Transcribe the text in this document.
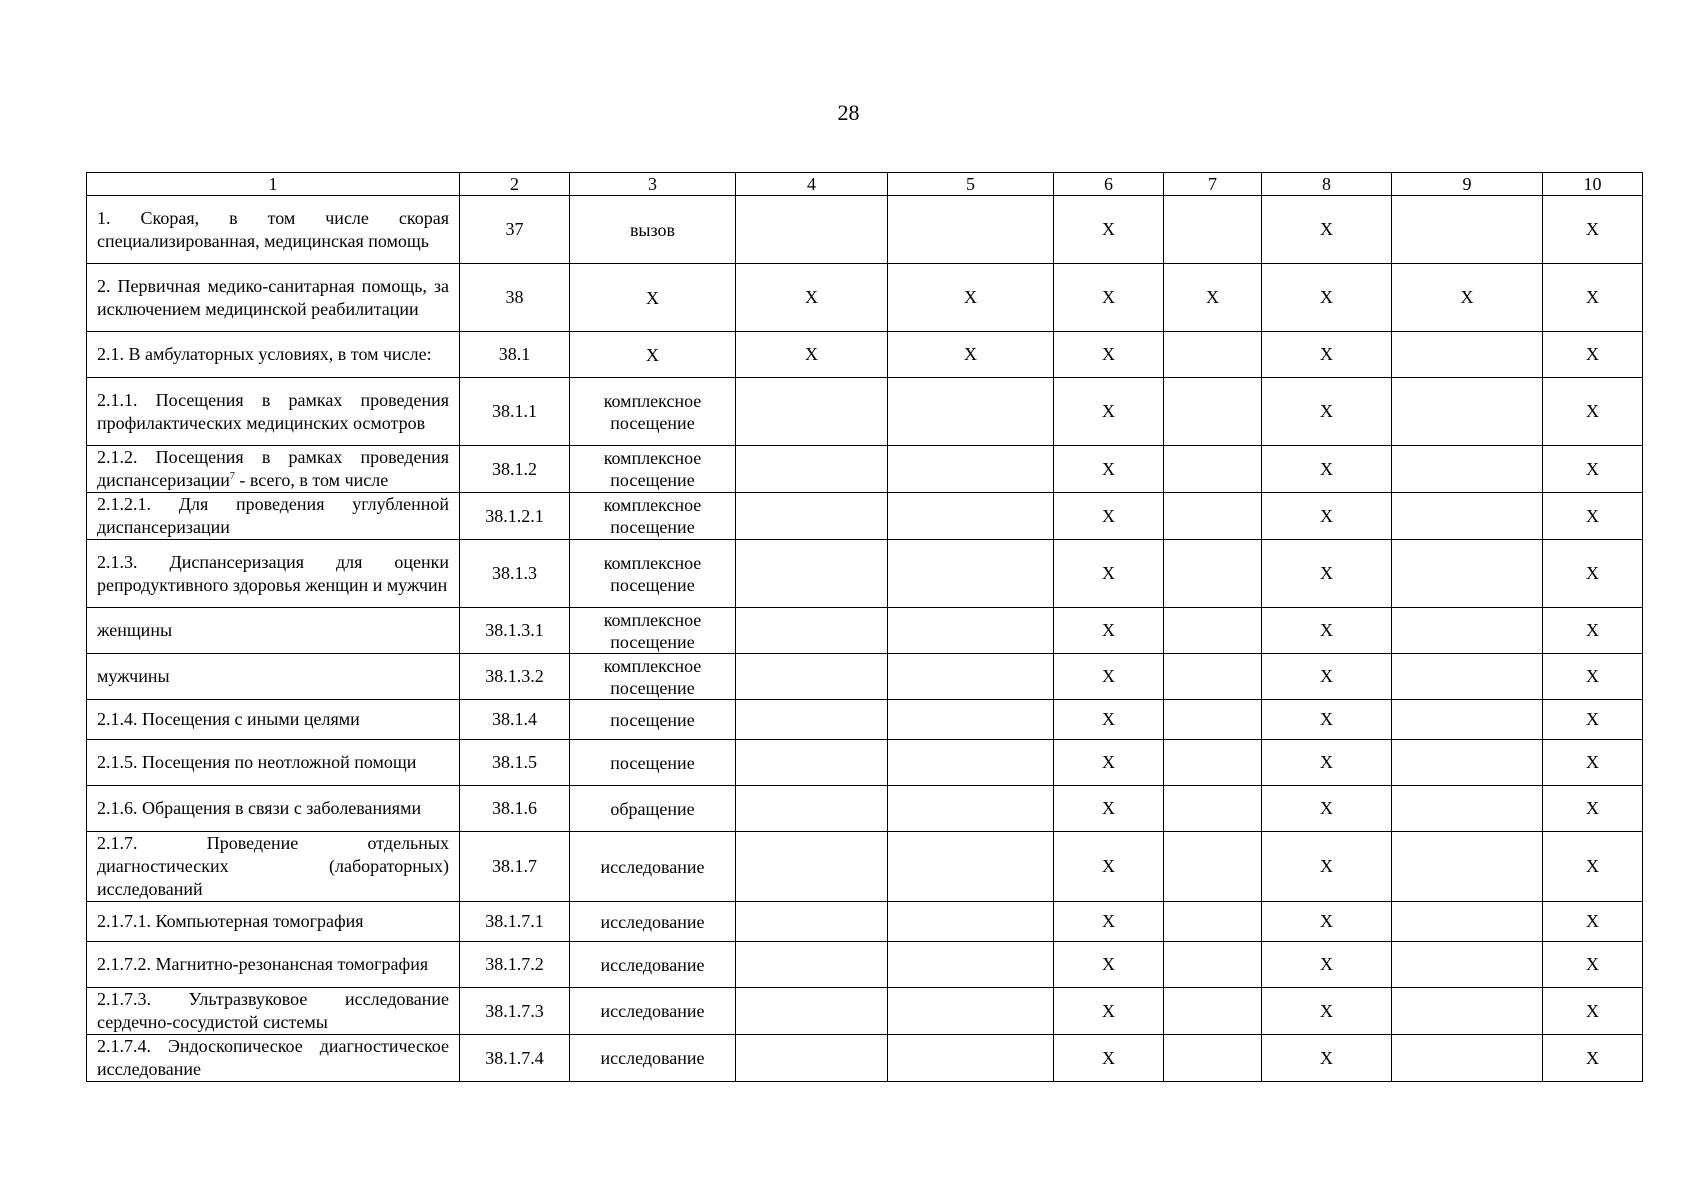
28
1	2	3	4	5	6	7	8	9	10
1. Скорая, в том числе скорая специализированная, медицинская помощь	37	вызов			X		X		X
2. Первичная медико-санитарная помощь, за исключением медицинской реабилитации	38	X	X	X	X	X	X	X	X
2.1. В амбулаторных условиях, в том числе:	38.1	X	X	X	X		X		X
2.1.1. Посещения в рамках проведения профилактических медицинских осмотров	38.1.1	комплексное посещение			X		X		X
2.1.2. Посещения в рамках проведения диспансеризации$^7$ - всего, в том числе	38.1.2	комплексное посещение			X		X		X
2.1.2.1. Для проведения углубленной диспансеризации	38.1.2.1	комплексное посещение			X		X		X
2.1.3. Диспансеризация для оценки репродуктивного здоровья женщин и мужчин	38.1.3	комплексное посещение			X		X		X
женщины	38.1.3.1	комплексное посещение			X		X		X
мужчины	38.1.3.2	комплексное посещение			X		X		X
2.1.4. Посещения с иными целями	38.1.4	посещение			X		X		X
2.1.5. Посещения по неотложной помощи	38.1.5	посещение			X		X		X
2.1.6. Обращения в связи с заболеваниями	38.1.6	обращение			X		X		X
2.1.7. Проведение отдельных диагностических (лабораторных) исследований	38.1.7	исследование			X		X		X
2.1.7.1. Компьютерная томография	38.1.7.1	исследование			X		X		X
2.1.7.2. Магнитно-резонансная томография	38.1.7.2	исследование			X		X		X
2.1.7.3. Ультразвуковое исследование сердечно-сосудистой системы	38.1.7.3	исследование			X		X		X
2.1.7.4. Эндоскопическое диагностическое исследование	38.1.7.4	исследование			X		X		X
